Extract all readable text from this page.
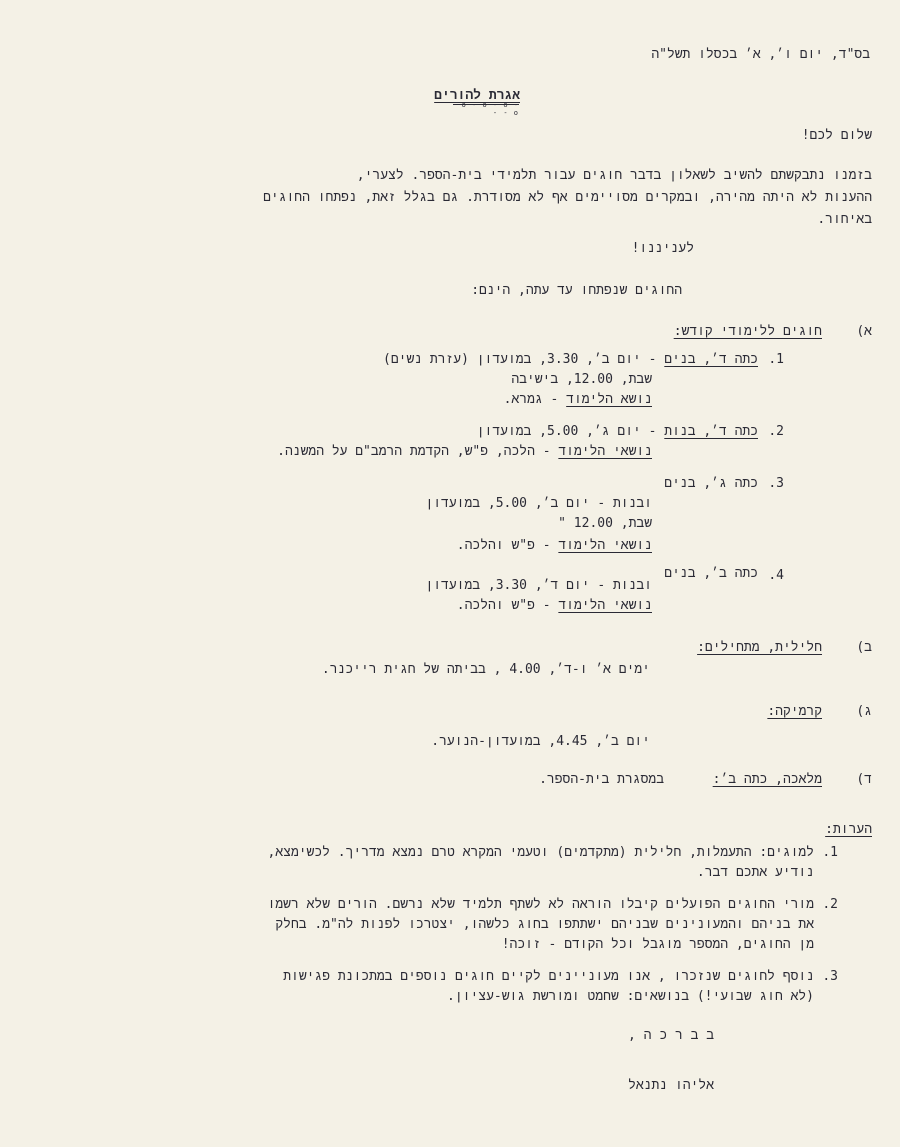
בס"ד, יום ו׳, א׳ בכסלו תשל"ה
אגרת להורים
- o - o - o - o -
שלום לכם!
בזמנו נתבקשתם להשיב לשאלון בדבר חוגים עבור תלמידי בית-הספר. לצערי,
ההענות לא היתה מהירה, ובמקרים מסויימים אף לא מסודרת. גם בגלל זאת, נפתחו החוגים
באיחור.
לעניננו!
החוגים שנפתחו עד עתה, הינם:
א)
חוגים ללימודי קודש:
1.
כתה ד׳, בנים - יום ב׳, 3.30, במועדון (עזרת נשים)
שבת, 12.00, בישיבה
נושא הלימוד - גמרא.
2.
כתה ד׳, בנות - יום ג׳, 5.00, במועדון
נושאי הלימוד - הלכה, פ"ש, הקדמת הרמב"ם על המשנה.
3.
כתה ג׳, בנים
ובנות - יום ב׳, 5.00, במועדון
שבת, 12.00 "
נושאי הלימוד - פ"ש והלכה.
4.
כתה ב׳, בנים
ובנות - יום ד׳, 3.30, במועדון
נושאי הלימוד - פ"ש והלכה.
ב)
חלילית, מתחילים:
ימים א׳ ו-ד׳, 4.00 , בביתה של חגית רייכנר.
ג)
קרמיקה:
יום ב׳, 4.45, במועדון-הנוער.
ד)
מלאכה, כתה ב׳:
במסגרת בית-הספר.
הערות:
1.
למוגים: התעמלות, חלילית (מתקדמים) וטעמי המקרא טרם נמצא מדריך. לכשימצא,
נודיע אתכם דבר.
2.
מורי החוגים הפועלים קיבלו הוראה לא לשתף תלמיד שלא נרשם. הורים שלא רשמו
את בניהם והמעונינים שבניהם ישתתפו בחוג כלשהו, יצטרכו לפנות לה"מ. בחלק
מן החוגים, המספר מוגבל וכל הקודם - זוכה!
3.
נוסף לחוגים שנזכרו , אנו מעוניינים לקיים חוגים נוספים במתכונת פגישות
(לא חוג שבועי!) בנושאים: שחמט ומורשת גוש-עציון.
ב ב ר כ ה ,
אליהו נתנאל
